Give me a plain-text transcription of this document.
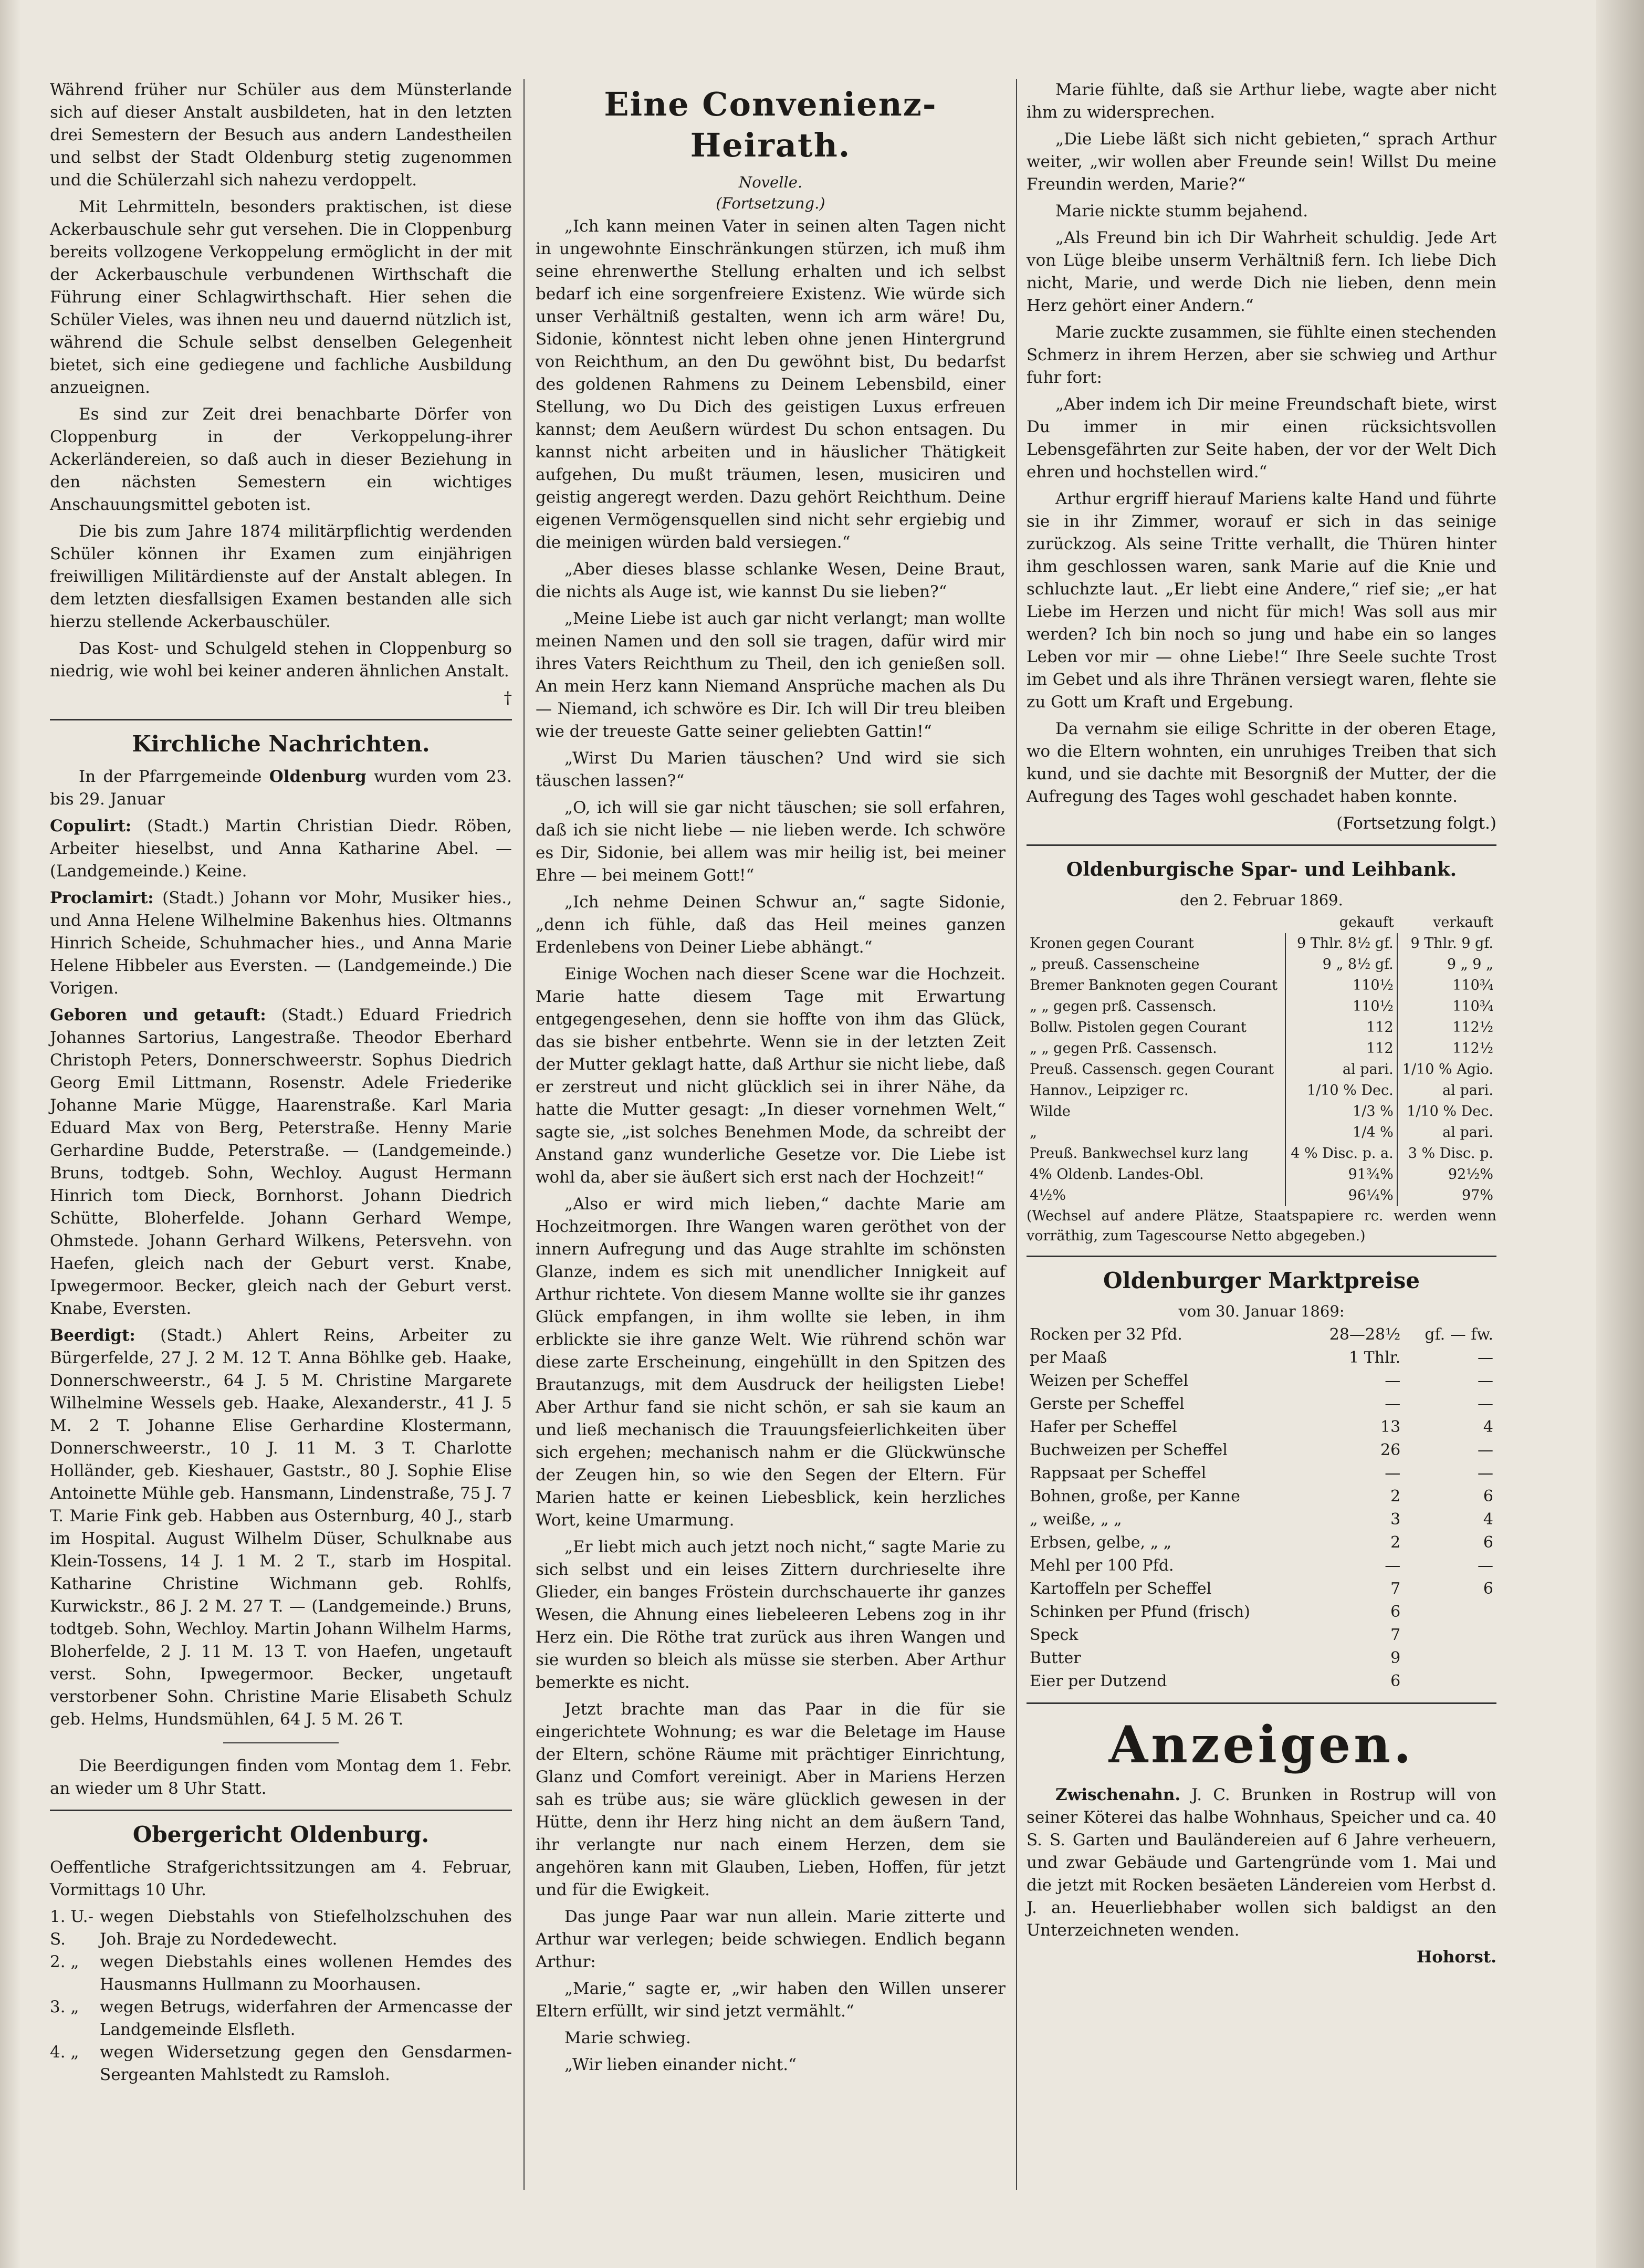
Während früher nur Schüler aus dem Münsterlande sich auf dieser Anstalt ausbildeten, hat in den letzten drei Semestern der Besuch aus andern Landestheilen und selbst der Stadt Oldenburg stetig zugenommen und die Schülerzahl sich nahezu verdoppelt.

Mit Lehrmitteln, besonders praktischen, ist diese Ackerbauschule sehr gut versehen. Die in Cloppenburg bereits vollzogene Verkoppelung ermöglicht in der mit der Ackerbauschule verbundenen Wirthschaft die Führung einer Schlagwirthschaft. Hier sehen die Schüler Vieles, was ihnen neu und dauernd nützlich ist, während die Schule selbst denselben Gelegenheit bietet, sich eine gediegene und fachliche Ausbildung anzueignen.

Es sind zur Zeit drei benachbarte Dörfer von Cloppenburg in der Verkoppelung-ihrer Ackerländereien, so daß auch in dieser Beziehung in den nächsten Semestern ein wichtiges Anschauungsmittel geboten ist.

Die bis zum Jahre 1874 militärpflichtig werdenden Schüler können ihr Examen zum einjährigen freiwilligen Militärdienste auf der Anstalt ablegen. In dem letzten diesfallsigen Examen bestanden alle sich hierzu stellende Ackerbauschüler.

Das Kost- und Schulgeld stehen in Cloppenburg so niedrig, wie wohl bei keiner anderen ähnlichen Anstalt.

†

Kirchliche Nachrichten.

In der Pfarrgemeinde Oldenburg wurden vom 23. bis 29. Januar

Copulirt: (Stadt.) Martin Christian Diedr. Röben, Arbeiter hieselbst, und Anna Katharine Abel. — (Landgemeinde.) Keine.

Proclamirt: (Stadt.) Johann vor Mohr, Musiker hies., und Anna Helene Wilhelmine Bakenhus hies. Oltmanns Hinrich Scheide, Schuhmacher hies., und Anna Marie Helene Hibbeler aus Eversten. — (Landgemeinde.) Die Vorigen.

Geboren und getauft: (Stadt.) Eduard Friedrich Johannes Sartorius, Langestraße. Theodor Eberhard Christoph Peters, Donnerschweerstr. Sophus Diedrich Georg Emil Littmann, Rosenstr. Adele Friederike Johanne Marie Mügge, Haarenstraße. Karl Maria Eduard Max von Berg, Peterstraße. Henny Marie Gerhardine Budde, Peterstraße. — (Landgemeinde.) Bruns, todtgeb. Sohn, Wechloy. August Hermann Hinrich tom Dieck, Bornhorst. Johann Diedrich Schütte, Bloherfelde. Johann Gerhard Wempe, Ohmstede. Johann Gerhard Wilkens, Petersvehn. von Haefen, gleich nach der Geburt verst. Knabe, Ipwegermoor. Becker, gleich nach der Geburt verst. Knabe, Eversten.

Beerdigt: (Stadt.) Ahlert Reins, Arbeiter zu Bürgerfelde, 27 J. 2 M. 12 T. Anna Böhlke geb. Haake, Donnerschweerstr., 64 J. 5 M. Christine Margarete Wilhelmine Wessels geb. Haake, Alexanderstr., 41 J. 5 M. 2 T. Johanne Elise Gerhardine Klostermann, Donnerschweerstr., 10 J. 11 M. 3 T. Charlotte Holländer, geb. Kieshauer, Gaststr., 80 J. Sophie Elise Antoinette Mühle geb. Hansmann, Lindenstraße, 75 J. 7 T. Marie Fink geb. Habben aus Osternburg, 40 J., starb im Hospital. August Wilhelm Düser, Schulknabe aus Klein-Tossens, 14 J. 1 M. 2 T., starb im Hospital. Katharine Christine Wichmann geb. Rohlfs, Kurwickstr., 86 J. 2 M. 27 T. — (Landgemeinde.) Bruns, todtgeb. Sohn, Wechloy. Martin Johann Wilhelm Harms, Bloherfelde, 2 J. 11 M. 13 T. von Haefen, ungetauft verst. Sohn, Ipwegermoor. Becker, ungetauft verstorbener Sohn. Christine Marie Elisabeth Schulz geb. Helms, Hundsmühlen, 64 J. 5 M. 26 T.

Die Beerdigungen finden vom Montag dem 1. Febr. an wieder um 8 Uhr Statt.

Obergericht Oldenburg.

Oeffentliche Strafgerichtssitzungen am 4. Februar, Vormittags 10 Uhr.

1. U.-S.
wegen Diebstahls von Stiefelholzschuhen des Joh. Braje zu Nordedewecht.
2. „	wegen Diebstahls eines wollenen Hemdes des Hausmanns Hullmann zu Moorhausen.
3. „	wegen Betrugs, widerfahren der Armencasse der Landgemeinde Elsfleth.
4. „	wegen Widersetzung gegen den Gensdarmen-Sergeanten Mahlstedt zu Ramsloh.
Eine Convenienz-Heirath.
Novelle.
(Fortsetzung.)

„Ich kann meinen Vater in seinen alten Tagen nicht in ungewohnte Einschränkungen stürzen, ich muß ihm seine ehrenwerthe Stellung erhalten und ich selbst bedarf ich eine sorgenfreiere Existenz. Wie würde sich unser Verhältniß gestalten, wenn ich arm wäre! Du, Sidonie, könntest nicht leben ohne jenen Hintergrund von Reichthum, an den Du gewöhnt bist, Du bedarfst des goldenen Rahmens zu Deinem Lebensbild, einer Stellung, wo Du Dich des geistigen Luxus erfreuen kannst; dem Aeußern würdest Du schon entsagen. Du kannst nicht arbeiten und in häuslicher Thätigkeit aufgehen, Du mußt träumen, lesen, musiciren und geistig angeregt werden. Dazu gehört Reichthum. Deine eigenen Vermögensquellen sind nicht sehr ergiebig und die meinigen würden bald versiegen.“

„Aber dieses blasse schlanke Wesen, Deine Braut, die nichts als Auge ist, wie kannst Du sie lieben?“

„Meine Liebe ist auch gar nicht verlangt; man wollte meinen Namen und den soll sie tragen, dafür wird mir ihres Vaters Reichthum zu Theil, den ich genießen soll. An mein Herz kann Niemand Ansprüche machen als Du — Niemand, ich schwöre es Dir. Ich will Dir treu bleiben wie der treueste Gatte seiner geliebten Gattin!“

„Wirst Du Marien täuschen? Und wird sie sich täuschen lassen?“

„O, ich will sie gar nicht täuschen; sie soll erfahren, daß ich sie nicht liebe — nie lieben werde. Ich schwöre es Dir, Sidonie, bei allem was mir heilig ist, bei meiner Ehre — bei meinem Gott!“

„Ich nehme Deinen Schwur an,“ sagte Sidonie, „denn ich fühle, daß das Heil meines ganzen Erdenlebens von Deiner Liebe abhängt.“

Einige Wochen nach dieser Scene war die Hochzeit. Marie hatte diesem Tage mit Erwartung entgegengesehen, denn sie hoffte von ihm das Glück, das sie bisher entbehrte. Wenn sie in der letzten Zeit der Mutter geklagt hatte, daß Arthur sie nicht liebe, daß er zerstreut und nicht glücklich sei in ihrer Nähe, da hatte die Mutter gesagt: „In dieser vornehmen Welt,“ sagte sie, „ist solches Benehmen Mode, da schreibt der Anstand ganz wunderliche Gesetze vor. Die Liebe ist wohl da, aber sie äußert sich erst nach der Hochzeit!“

„Also er wird mich lieben,“ dachte Marie am Hochzeitmorgen. Ihre Wangen waren geröthet von der innern Aufregung und das Auge strahlte im schönsten Glanze, indem es sich mit unendlicher Innigkeit auf Arthur richtete. Von diesem Manne wollte sie ihr ganzes Glück empfangen, in ihm wollte sie leben, in ihm erblickte sie ihre ganze Welt. Wie rührend schön war diese zarte Erscheinung, eingehüllt in den Spitzen des Brautanzugs, mit dem Ausdruck der heiligsten Liebe! Aber Arthur fand sie nicht schön, er sah sie kaum an und ließ mechanisch die Trauungsfeierlichkeiten über sich ergehen; mechanisch nahm er die Glückwünsche der Zeugen hin, so wie den Segen der Eltern. Für Marien hatte er keinen Liebesblick, kein herzliches Wort, keine Umarmung.

„Er liebt mich auch jetzt noch nicht,“ sagte Marie zu sich selbst und ein leises Zittern durchrieselte ihre Glieder, ein banges Fröstein durchschauerte ihr ganzes Wesen, die Ahnung eines liebeleeren Lebens zog in ihr Herz ein. Die Röthe trat zurück aus ihren Wangen und sie wurden so bleich als müsse sie sterben. Aber Arthur bemerkte es nicht.

Jetzt brachte man das Paar in die für sie eingerichtete Wohnung; es war die Beletage im Hause der Eltern, schöne Räume mit prächtiger Einrichtung, Glanz und Comfort vereinigt. Aber in Mariens Herzen sah es trübe aus; sie wäre glücklich gewesen in der Hütte, denn ihr Herz hing nicht an dem äußern Tand, ihr verlangte nur nach einem Herzen, dem sie angehören kann mit Glauben, Lieben, Hoffen, für jetzt und für die Ewigkeit.

Das junge Paar war nun allein. Marie zitterte und Arthur war verlegen; beide schwiegen. Endlich begann Arthur:

„Marie,“ sagte er, „wir haben den Willen unserer Eltern erfüllt, wir sind jetzt vermählt.“

Marie schwieg.

„Wir lieben einander nicht.“

Marie fühlte, daß sie Arthur liebe, wagte aber nicht ihm zu widersprechen.

„Die Liebe läßt sich nicht gebieten,“ sprach Arthur weiter, „wir wollen aber Freunde sein! Willst Du meine Freundin werden, Marie?“

Marie nickte stumm bejahend.

„Als Freund bin ich Dir Wahrheit schuldig. Jede Art von Lüge bleibe unserm Verhältniß fern. Ich liebe Dich nicht, Marie, und werde Dich nie lieben, denn mein Herz gehört einer Andern.“

Marie zuckte zusammen, sie fühlte einen stechenden Schmerz in ihrem Herzen, aber sie schwieg und Arthur fuhr fort:

„Aber indem ich Dir meine Freundschaft biete, wirst Du immer in mir einen rücksichtsvollen Lebensgefährten zur Seite haben, der vor der Welt Dich ehren und hochstellen wird.“

Arthur ergriff hierauf Mariens kalte Hand und führte sie in ihr Zimmer, worauf er sich in das seinige zurückzog. Als seine Tritte verhallt, die Thüren hinter ihm geschlossen waren, sank Marie auf die Knie und schluchzte laut. „Er liebt eine Andere,“ rief sie; „er hat Liebe im Herzen und nicht für mich! Was soll aus mir werden? Ich bin noch so jung und habe ein so langes Leben vor mir — ohne Liebe!“ Ihre Seele suchte Trost im Gebet und als ihre Thränen versiegt waren, flehte sie zu Gott um Kraft und Ergebung.

Da vernahm sie eilige Schritte in der oberen Etage, wo die Eltern wohnten, ein unruhiges Treiben that sich kund, und sie dachte mit Besorgniß der Mutter, der die Aufregung des Tages wohl geschadet haben konnte.

(Fortsetzung folgt.)

Oldenburgische Spar- und Leihbank.
den 2. Februar 1869.
	gekauft	verkauft
Kronen gegen Courant	9 Thlr. 8½ gf.	9 Thlr. 9 gf.
„ preuß. Cassenscheine	9 „ 8½ gf.	9 „ 9 „
Bremer Banknoten gegen Courant	110½	110¾
„ „ gegen prß. Cassensch.	110½	110¾
Bollw. Pistolen gegen Courant	112	112½
„ „ gegen Prß. Cassensch.	112	112½
Preuß. Cassensch. gegen Courant	al pari.	1/10 % Agio.
Hannov., Leipziger rc.	1/10 % Dec.	al pari.
Wilde	1/3 %	1/10 % Dec.
„	1/4 %	al pari.
Preuß. Bankwechsel kurz lang	4 % Disc. p. a.	3 % Disc. p.
4% Oldenb. Landes-Obl.	91¾%	92½%
4½%	96¼%	97%

(Wechsel auf andere Plätze, Staatspapiere rc. werden wenn vorräthig, zum Tagescourse Netto abgegeben.)

Oldenburger Marktpreise
vom 30. Januar 1869:
Rocken per 32 Pfd.	28—28½	gf. — fw.
per Maaß	1 Thlr.	—
Weizen per Scheffel	—	—
Gerste per Scheffel	—	—
Hafer per Scheffel	13	4
Buchweizen per Scheffel	26	—
Rappsaat per Scheffel	—	—
Bohnen, große, per Kanne	2	6
„ weiße, „ „	3	4
Erbsen, gelbe, „ „	2	6
Mehl per 100 Pfd.	—	—
Kartoffeln per Scheffel	7	6
Schinken per Pfund (frisch)	6	
Speck	7	
Butter	9	
Eier per Dutzend	6	
Anzeigen.

Zwischenahn. J. C. Brunken in Rostrup will von seiner Köterei das halbe Wohnhaus, Speicher und ca. 40 S. S. Garten und Bauländereien auf 6 Jahre verheuern, und zwar Gebäude und Gartengründe vom 1. Mai und die jetzt mit Rocken besäeten Ländereien vom Herbst d. J. an. Heuerliebhaber wollen sich baldigst an den Unterzeichneten wenden.

Hohorst.
